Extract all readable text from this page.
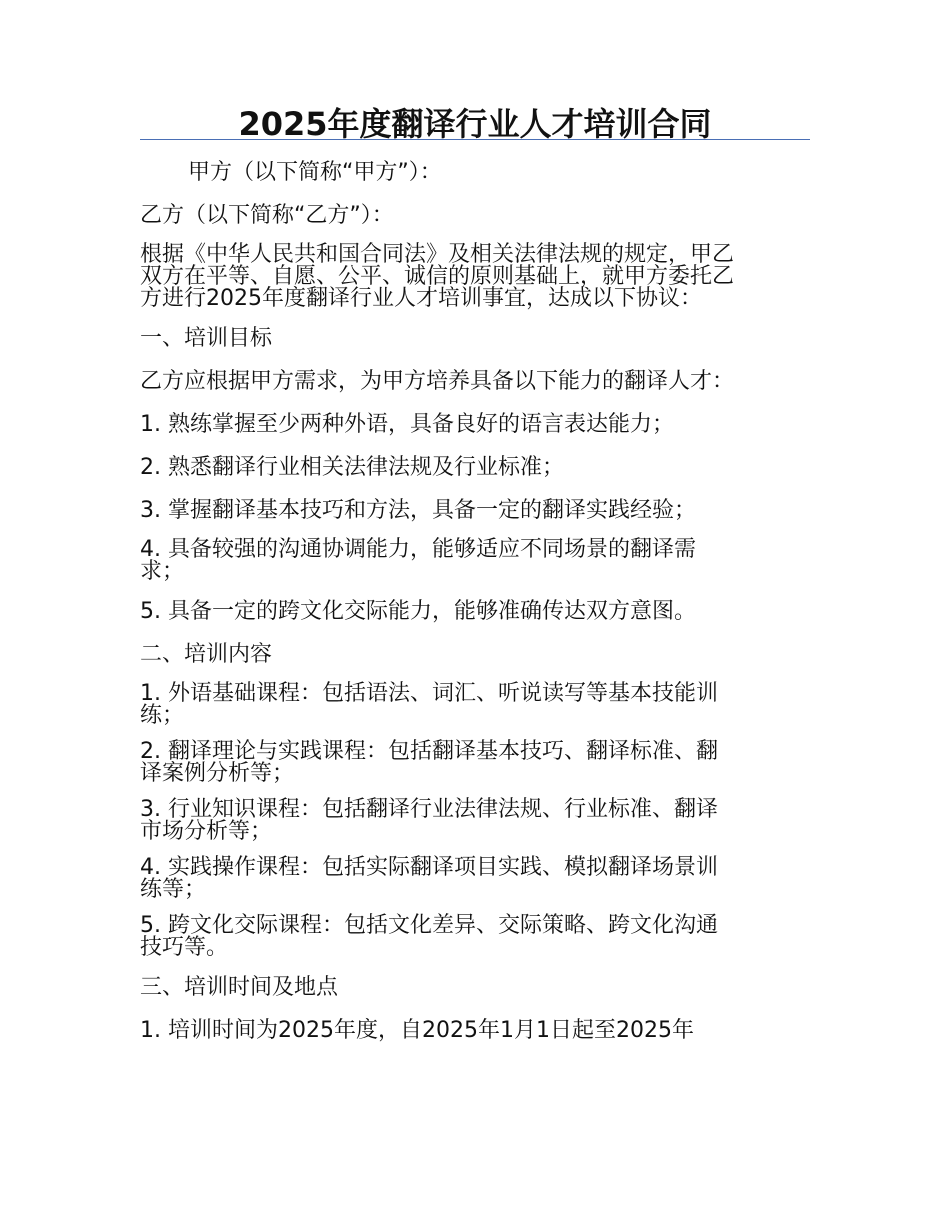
2025年度翻译行业人才培训合同

甲方（以下简称“甲方”）：

乙方（以下简称“乙方”）：

根据《中华人民共和国合同法》及相关法律法规的规定，甲乙
双方在平等、自愿、公平、诚信的原则基础上，就甲方委托乙
方进行2025年度翻译行业人才培训事宜，达成以下协议：

一、培训目标

乙方应根据甲方需求，为甲方培养具备以下能力的翻译人才：

1. 熟练掌握至少两种外语，具备良好的语言表达能力；

2. 熟悉翻译行业相关法律法规及行业标准；

3. 掌握翻译基本技巧和方法，具备一定的翻译实践经验；

4. 具备较强的沟通协调能力，能够适应不同场景的翻译需
求；

5. 具备一定的跨文化交际能力，能够准确传达双方意图。

二、培训内容

1. 外语基础课程：包括语法、词汇、听说读写等基本技能训
练；

2. 翻译理论与实践课程：包括翻译基本技巧、翻译标准、翻
译案例分析等；

3. 行业知识课程：包括翻译行业法律法规、行业标准、翻译
市场分析等；

4. 实践操作课程：包括实际翻译项目实践、模拟翻译场景训
练等；

5. 跨文化交际课程：包括文化差异、交际策略、跨文化沟通
技巧等。

三、培训时间及地点

1. 培训时间为2025年度，自2025年1月1日起至2025年
